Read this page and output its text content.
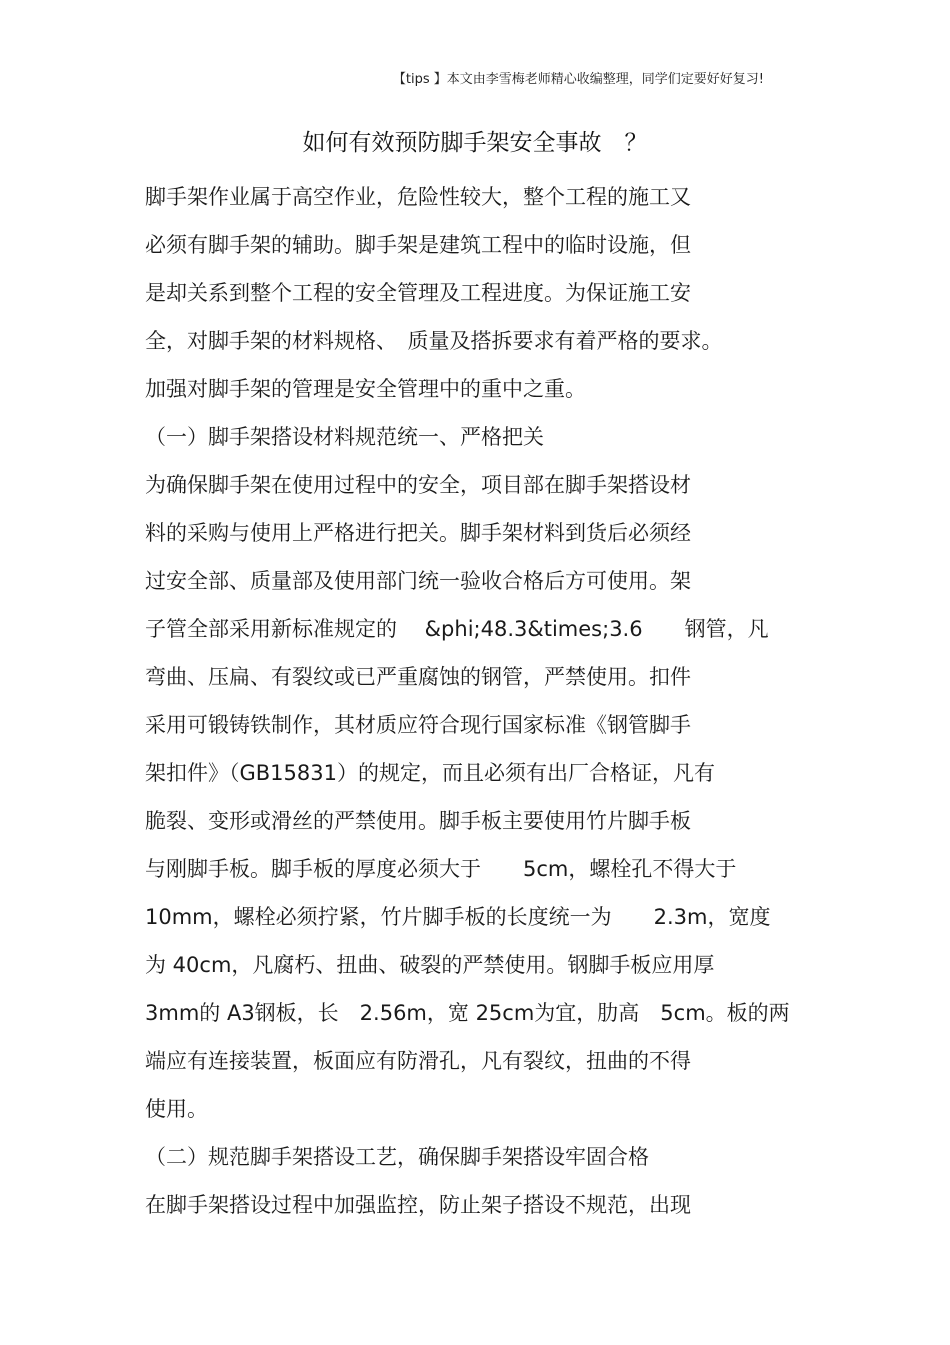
【tips 】本文由李雪梅老师精心收编整理，同学们定要好好复习!
如何有效预防脚手架安全事故　？
脚手架作业属于高空作业，危险性较大，整个工程的施工又
必须有脚手架的辅助。脚手架是建筑工程中的临时设施，但
是却关系到整个工程的安全管理及工程进度。为保证施工安
全，对脚手架的材料规格、　质量及搭拆要求有着严格的要求。
加强对脚手架的管理是安全管理中的重中之重。
（一）脚手架搭设材料规范统一、严格把关
为确保脚手架在使用过程中的安全，项目部在脚手架搭设材
料的采购与使用上严格进行把关。脚手架材料到货后必须经
过安全部、质量部及使用部门统一验收合格后方可使用。架
子管全部采用新标准规定的　 &phi;48.3&times;3.6　　钢管，凡
弯曲、压扁、有裂纹或已严重腐蚀的钢管，严禁使用。扣件
采用可锻铸铁制作，其材质应符合现行国家标准《钢管脚手
架扣件》（GB15831）的规定，而且必须有出厂合格证，凡有
脆裂、变形或滑丝的严禁使用。脚手板主要使用竹片脚手板
与刚脚手板。脚手板的厚度必须大于　　5cm，螺栓孔不得大于
10mm，螺栓必须拧紧，竹片脚手板的长度统一为　　2.3m，宽度
为 40cm，凡腐朽、扭曲、破裂的严禁使用。钢脚手板应用厚
3mm的 A3钢板，长　2.56m，宽 25cm为宜，肋高　5cm。板的两
端应有连接装置，板面应有防滑孔，凡有裂纹，扭曲的不得
使用。
（二）规范脚手架搭设工艺，确保脚手架搭设牢固合格
在脚手架搭设过程中加强监控，防止架子搭设不规范，出现
